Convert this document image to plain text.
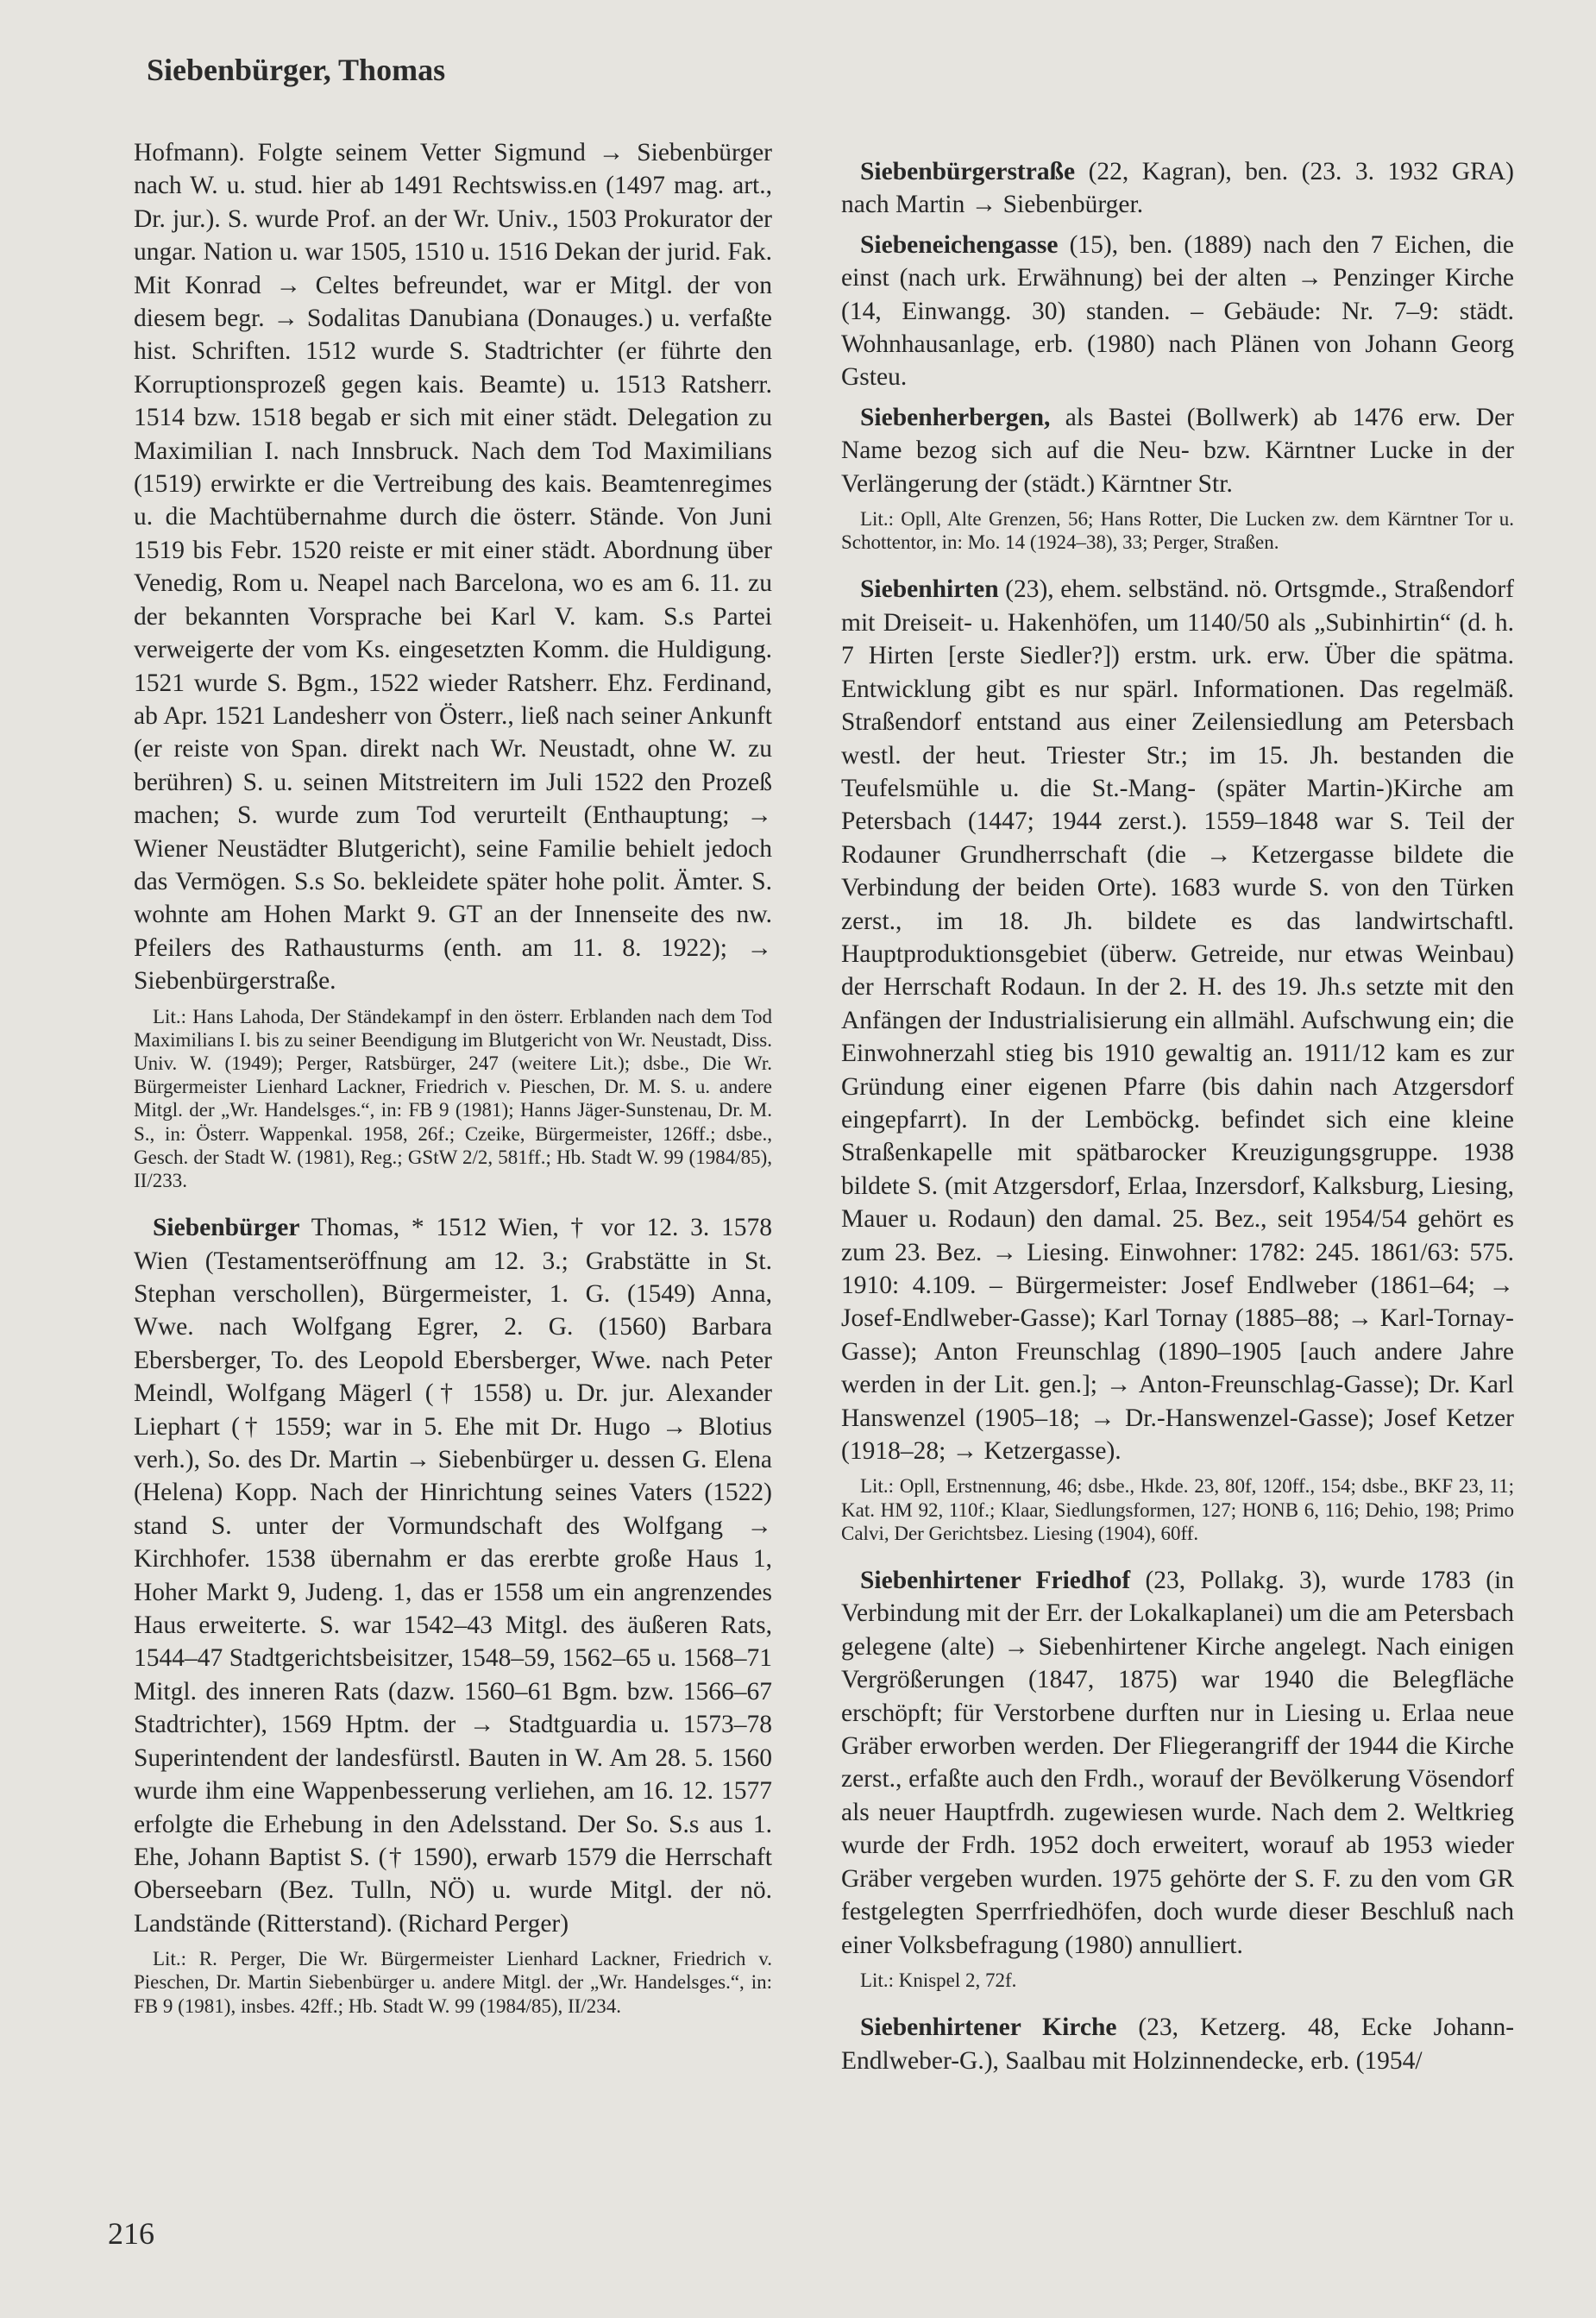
Siebenbürger, Thomas

Hofmann). Folgte seinem Vetter Sigmund → Siebenbürger nach W. u. stud. hier ab 1491 Rechtswiss.en (1497 mag. art., Dr. jur.). S. wurde Prof. an der Wr. Univ., 1503 Prokurator der ungar. Nation u. war 1505, 1510 u. 1516 Dekan der jurid. Fak. Mit Konrad → Celtes befreundet, war er Mitgl. der von diesem begr. → Sodalitas Danubiana (Donauges.) u. verfaßte hist. Schriften. 1512 wurde S. Stadtrichter (er führte den Korruptionsprozeß gegen kais. Beamte) u. 1513 Ratsherr. 1514 bzw. 1518 begab er sich mit einer städt. Delegation zu Maximilian I. nach Innsbruck. Nach dem Tod Maximilians (1519) erwirkte er die Vertreibung des kais. Beamtenregimes u. die Machtübernahme durch die österr. Stände. Von Juni 1519 bis Febr. 1520 reiste er mit einer städt. Abordnung über Venedig, Rom u. Neapel nach Barcelona, wo es am 6. 11. zu der bekannten Vorsprache bei Karl V. kam. S.s Partei verweigerte der vom Ks. eingesetzten Komm. die Huldigung. 1521 wurde S. Bgm., 1522 wieder Ratsherr. Ehz. Ferdinand, ab Apr. 1521 Landesherr von Österr., ließ nach seiner Ankunft (er reiste von Span. direkt nach Wr. Neustadt, ohne W. zu berühren) S. u. seinen Mitstreitern im Juli 1522 den Prozeß machen; S. wurde zum Tod verurteilt (Enthauptung; → Wiener Neustädter Blutgericht), seine Familie behielt jedoch das Vermögen. S.s So. bekleidete später hohe polit. Ämter. S. wohnte am Hohen Markt 9. GT an der Innenseite des nw. Pfeilers des Rathausturms (enth. am 11. 8. 1922); → Siebenbürgerstraße.

Lit.: Hans Lahoda, Der Ständekampf in den österr. Erblanden nach dem Tod Maximilians I. bis zu seiner Beendigung im Blutgericht von Wr. Neustadt, Diss. Univ. W. (1949); Perger, Ratsbürger, 247 (weitere Lit.); dsbe., Die Wr. Bürgermeister Lienhard Lackner, Friedrich v. Pieschen, Dr. M. S. u. andere Mitgl. der „Wr. Handelsges.“, in: FB 9 (1981); Hanns Jäger-Sunstenau, Dr. M. S., in: Österr. Wappenkal. 1958, 26f.; Czeike, Bürgermeister, 126ff.; dsbe., Gesch. der Stadt W. (1981), Reg.; GStW 2/2, 581ff.; Hb. Stadt W. 99 (1984/85), II/233.

Siebenbürger Thomas, * 1512 Wien, † vor 12. 3. 1578 Wien (Testamentseröffnung am 12. 3.; Grabstätte in St. Stephan verschollen), Bürgermeister, 1. G. (1549) Anna, Wwe. nach Wolfgang Egrer, 2. G. (1560) Barbara Ebersberger, To. des Leopold Ebersberger, Wwe. nach Peter Meindl, Wolfgang Mägerl († 1558) u. Dr. jur. Alexander Liephart († 1559; war in 5. Ehe mit Dr. Hugo → Blotius verh.), So. des Dr. Martin → Siebenbürger u. dessen G. Elena (Helena) Kopp. Nach der Hinrichtung seines Vaters (1522) stand S. unter der Vormundschaft des Wolfgang → Kirchhofer. 1538 übernahm er das ererbte große Haus 1, Hoher Markt 9, Judeng. 1, das er 1558 um ein angrenzendes Haus erweiterte. S. war 1542–43 Mitgl. des äußeren Rats, 1544–47 Stadtgerichtsbeisitzer, 1548–59, 1562–65 u. 1568–71 Mitgl. des inneren Rats (dazw. 1560–61 Bgm. bzw. 1566–67 Stadtrichter), 1569 Hptm. der → Stadtguardia u. 1573–78 Superintendent der landesfürstl. Bauten in W. Am 28. 5. 1560 wurde ihm eine Wappenbesserung verliehen, am 16. 12. 1577 erfolgte die Erhebung in den Adelsstand. Der So. S.s aus 1. Ehe, Johann Baptist S. († 1590), erwarb 1579 die Herrschaft Oberseebarn (Bez. Tulln, NÖ) u. wurde Mitgl. der nö. Landstände (Ritterstand). (Richard Perger)

Lit.: R. Perger, Die Wr. Bürgermeister Lienhard Lackner, Friedrich v. Pieschen, Dr. Martin Siebenbürger u. andere Mitgl. der „Wr. Handelsges.“, in: FB 9 (1981), insbes. 42ff.; Hb. Stadt W. 99 (1984/85), II/234.

Siebenbürgerstraße (22, Kagran), ben. (23. 3. 1932 GRA) nach Martin → Siebenbürger.

Siebeneichengasse (15), ben. (1889) nach den 7 Eichen, die einst (nach urk. Erwähnung) bei der alten → Penzinger Kirche (14, Einwangg. 30) standen. – Gebäude: Nr. 7–9: städt. Wohnhausanlage, erb. (1980) nach Plänen von Johann Georg Gsteu.

Siebenherbergen, als Bastei (Bollwerk) ab 1476 erw. Der Name bezog sich auf die Neu- bzw. Kärntner Lucke in der Verlängerung der (städt.) Kärntner Str.

Lit.: Opll, Alte Grenzen, 56; Hans Rotter, Die Lucken zw. dem Kärntner Tor u. Schottentor, in: Mo. 14 (1924–38), 33; Perger, Straßen.

Siebenhirten (23), ehem. selbständ. nö. Ortsgmde., Straßendorf mit Dreiseit- u. Hakenhöfen, um 1140/50 als „Subinhirtin“ (d. h. 7 Hirten [erste Siedler?]) erstm. urk. erw. Über die spätma. Entwicklung gibt es nur spärl. Informationen. Das regelmäß. Straßendorf entstand aus einer Zeilensiedlung am Petersbach westl. der heut. Triester Str.; im 15. Jh. bestanden die Teufelsmühle u. die St.-Mang- (später Martin-)Kirche am Petersbach (1447; 1944 zerst.). 1559–1848 war S. Teil der Rodauner Grundherrschaft (die → Ketzergasse bildete die Verbindung der beiden Orte). 1683 wurde S. von den Türken zerst., im 18. Jh. bildete es das landwirtschaftl. Hauptproduktionsgebiet (überw. Getreide, nur etwas Weinbau) der Herrschaft Rodaun. In der 2. H. des 19. Jh.s setzte mit den Anfängen der Industrialisierung ein allmähl. Aufschwung ein; die Einwohnerzahl stieg bis 1910 gewaltig an. 1911/12 kam es zur Gründung einer eigenen Pfarre (bis dahin nach Atzgersdorf eingepfarrt). In der Lemböckg. befindet sich eine kleine Straßenkapelle mit spätbarocker Kreuzigungsgruppe. 1938 bildete S. (mit Atzgersdorf, Erlaa, Inzersdorf, Kalksburg, Liesing, Mauer u. Rodaun) den damal. 25. Bez., seit 1954/54 gehört es zum 23. Bez. → Liesing. Einwohner: 1782: 245. 1861/63: 575. 1910: 4.109. – Bürgermeister: Josef Endlweber (1861–64; → Josef-Endlweber-Gasse); Karl Tornay (1885–88; → Karl-Tornay-Gasse); Anton Freunschlag (1890–1905 [auch andere Jahre werden in der Lit. gen.]; → Anton-Freunschlag-Gasse); Dr. Karl Hanswenzel (1905–18; → Dr.-Hanswenzel-Gasse); Josef Ketzer (1918–28; → Ketzergasse).

Lit.: Opll, Erstnennung, 46; dsbe., Hkde. 23, 80f, 120ff., 154; dsbe., BKF 23, 11; Kat. HM 92, 110f.; Klaar, Siedlungsformen, 127; HONB 6, 116; Dehio, 198; Primo Calvi, Der Gerichtsbez. Liesing (1904), 60ff.

Siebenhirtener Friedhof (23, Pollakg. 3), wurde 1783 (in Verbindung mit der Err. der Lokalkaplanei) um die am Petersbach gelegene (alte) → Siebenhirtener Kirche angelegt. Nach einigen Vergrößerungen (1847, 1875) war 1940 die Belegfläche erschöpft; für Verstorbene durften nur in Liesing u. Erlaa neue Gräber erworben werden. Der Fliegerangriff der 1944 die Kirche zerst., erfaßte auch den Frdh., worauf der Bevölkerung Vösendorf als neuer Hauptfrdh. zugewiesen wurde. Nach dem 2. Weltkrieg wurde der Frdh. 1952 doch erweitert, worauf ab 1953 wieder Gräber vergeben wurden. 1975 gehörte der S. F. zu den vom GR festgelegten Sperrfriedhöfen, doch wurde dieser Beschluß nach einer Volksbefragung (1980) annulliert.

Lit.: Knispel 2, 72f.

Siebenhirtener Kirche (23, Ketzerg. 48, Ecke Johann-Endlweber-G.), Saalbau mit Holzinnendecke, erb. (1954/

216
